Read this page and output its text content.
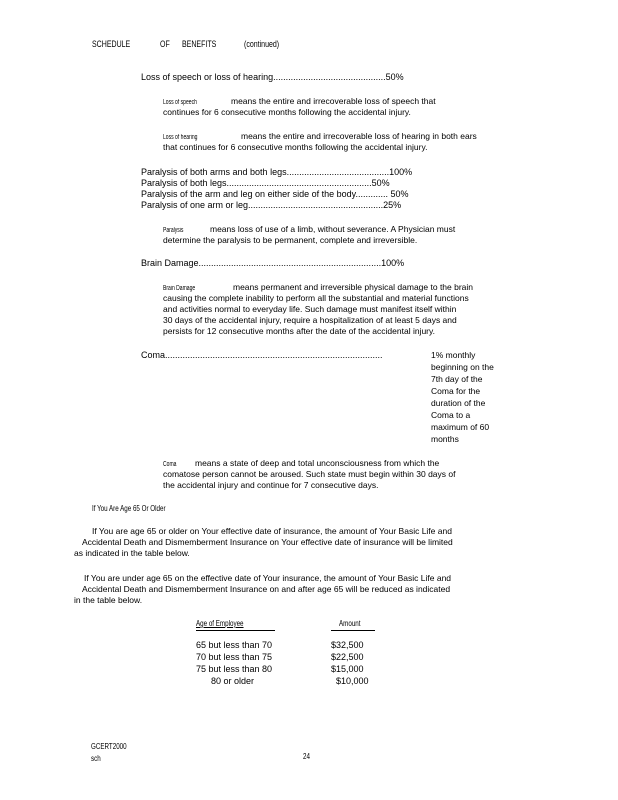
SCHEDULE	OF BENEFITS	(continued)
Loss of speech or loss of hearing.............................................50%
Loss of speech	means the entire and irrecoverable loss of speech that
continues for 6 consecutive months following the accidental injury.
Loss of hearing	means the entire and irrecoverable loss of hearing in both ears
that continues for 6 consecutive months following the accidental injury.
Paralysis of both arms and both legs.........................................100%
Paralysis of both legs..........................................................50%
Paralysis of the arm and leg on either side of the body............. 50%
Paralysis of one arm or leg......................................................25%
Paralysis	means loss of use of a limb, without severance. A Physician must
determine the paralysis to be permanent, complete and irreversible.
Brain Damage.........................................................................100%
Brain Damage	means permanent and irreversible physical damage to the brain
causing the complete inability to perform all the substantial and material functions
and activities normal to everyday life. Such damage must manifest itself within
30 days of the accidental injury, require a hospitalization of at least 5 days and
persists for 12 consecutive months after the date of the accidental injury.
Coma.......................................................................................	1% monthly
beginning on the
7th day of the
Coma for the
duration of the
Coma to a
maximum of 60
months
Coma means a state of deep and total unconsciousness from which the
comatose person cannot be aroused. Such state must begin within 30 days of
the accidental injury and continue for 7 consecutive days.
If You Are Age 65 Or Older
If You are age 65 or older on Your effective date of insurance, the amount of Your Basic Life and
Accidental Death and Dismemberment Insurance on Your effective date of insurance will be limited
as indicated in the table below.
If You are under age 65 on the effective date of Your insurance, the amount of Your Basic Life and
Accidental Death and Dismemberment Insurance on and after age 65 will be reduced as indicated
in the table below.
Age of Employee	Amount
65 but less than 70	$32,500
70 but less than 75	$22,500
75 but less than 80	$15,000
80 or older	$10,000
GCERT2000
sch	24
